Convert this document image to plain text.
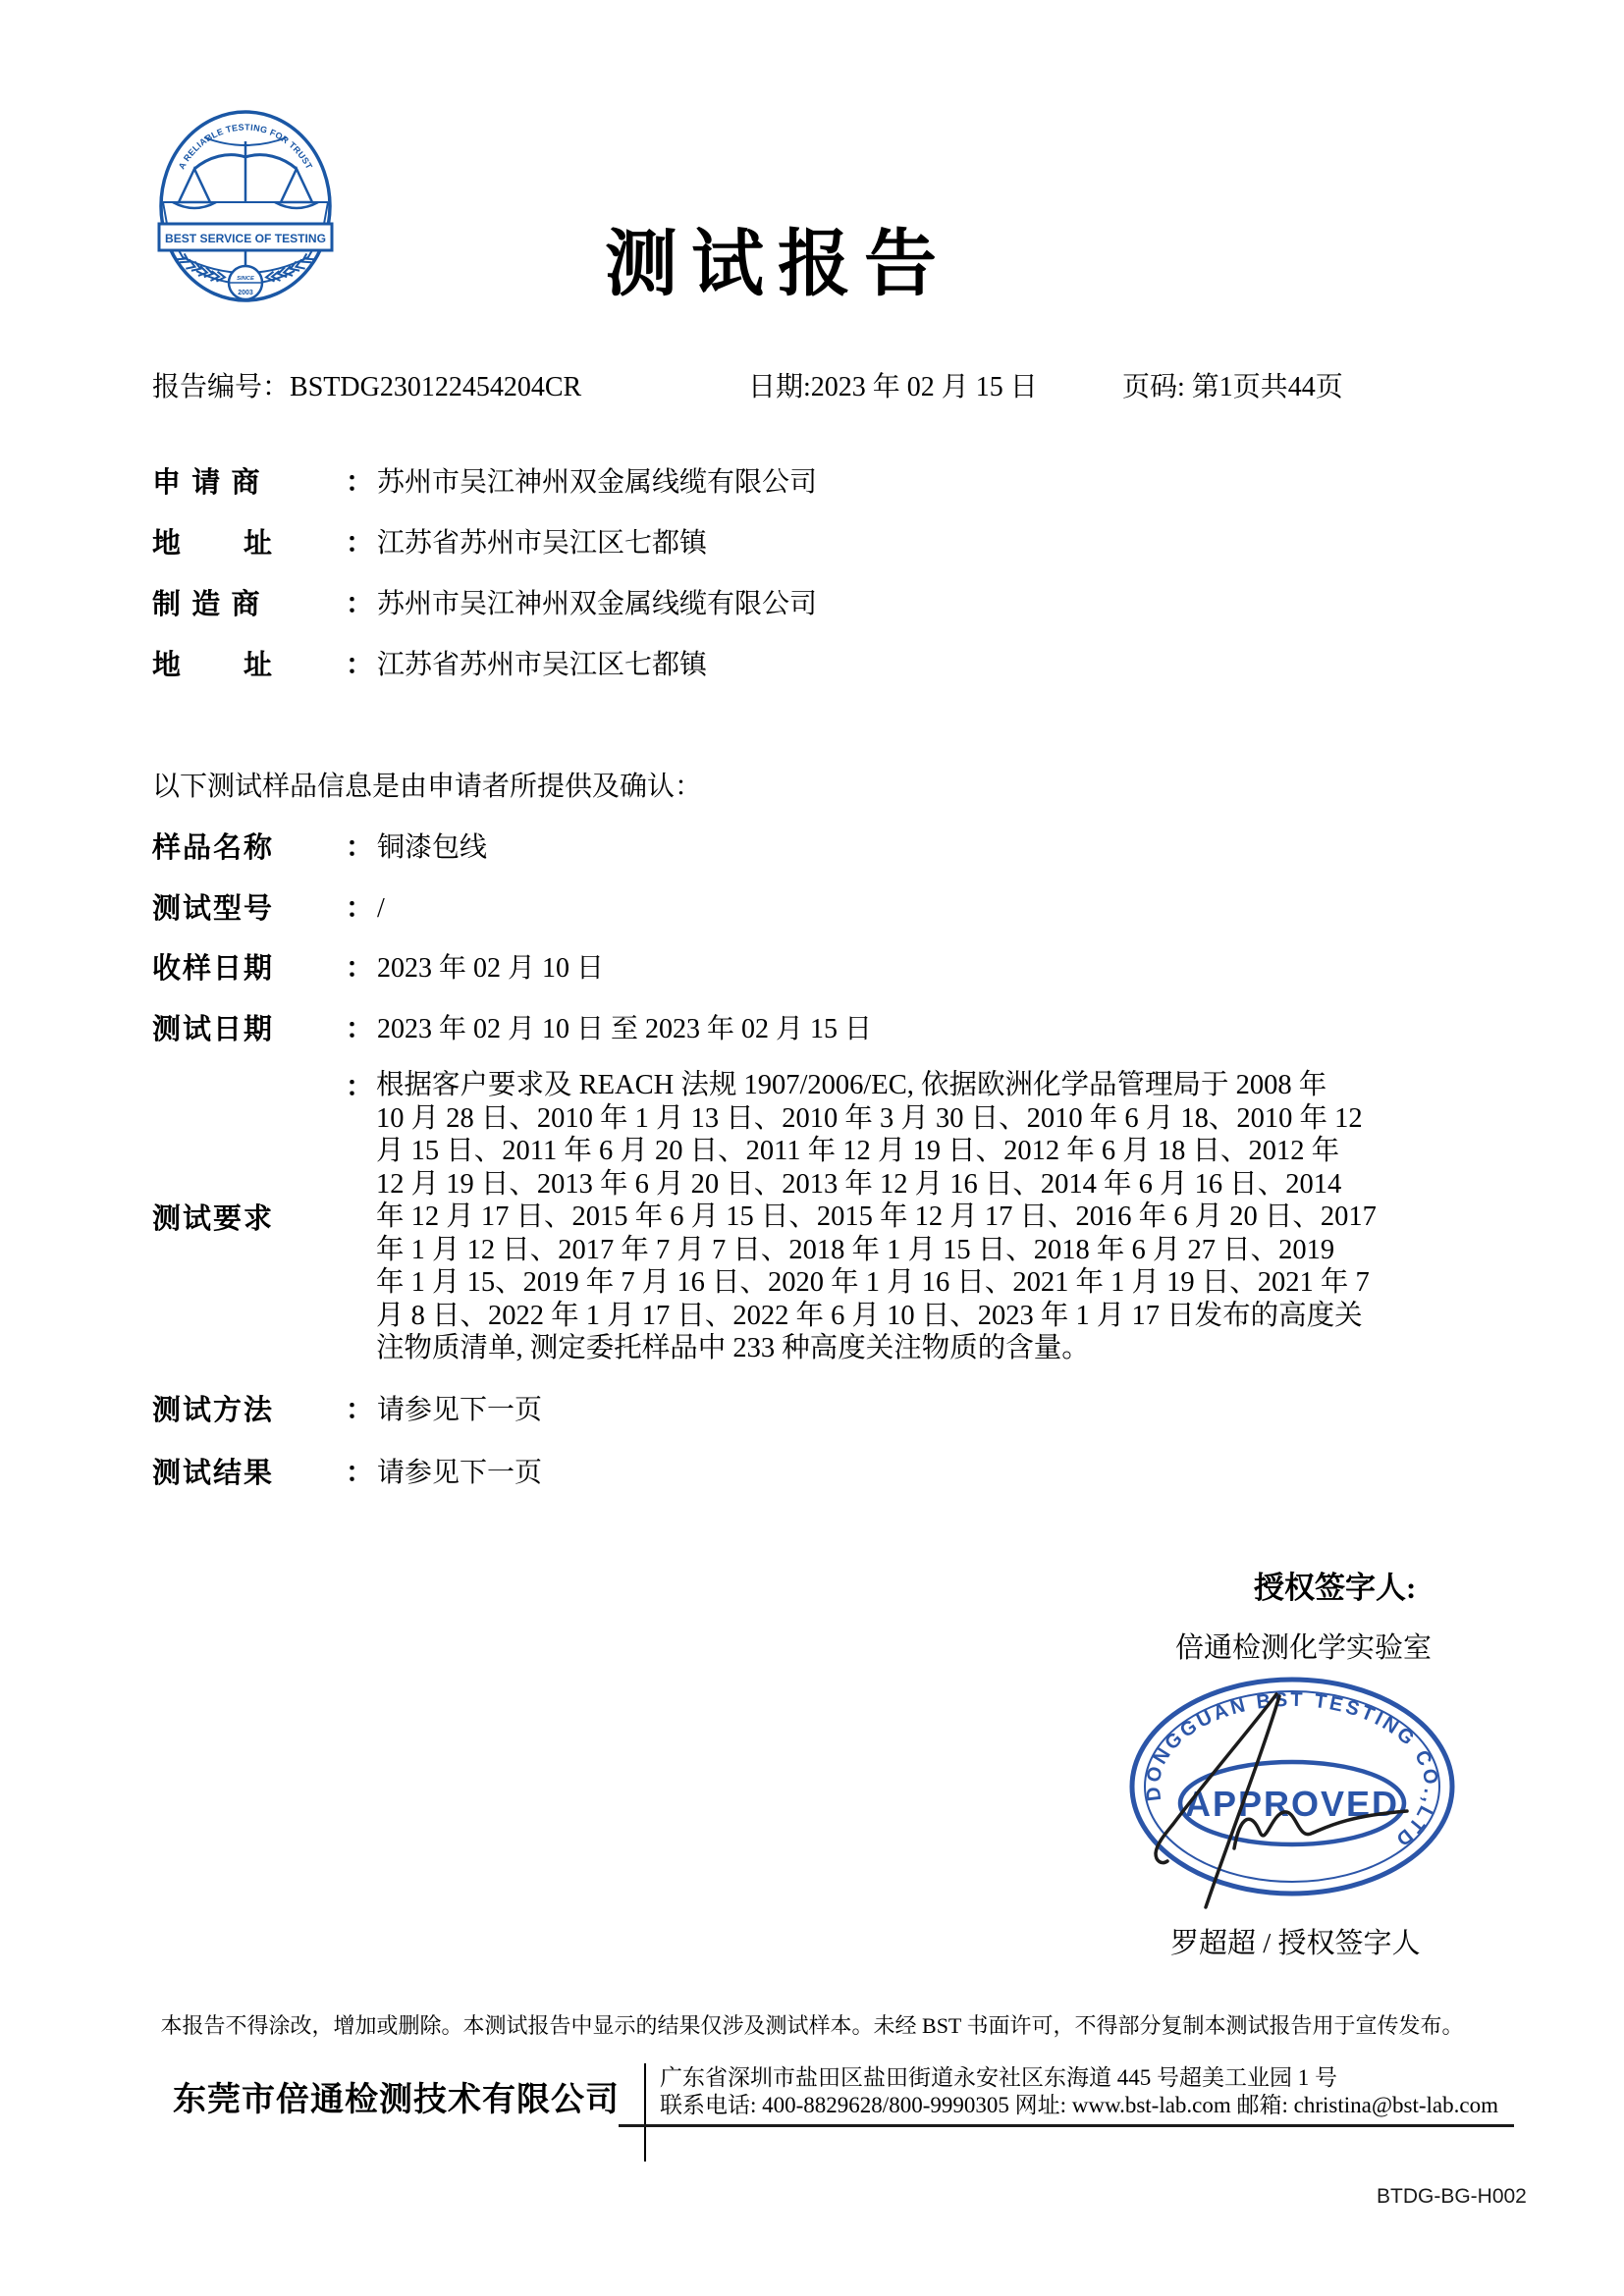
A RELIABLE TESTING FOR TRUST
BEST SERVICE OF TESTING
SINCE
2003	测试报告
报告编号：BSTDG230122454204CR	日期:2023 年 02 月 15 日	页码: 第1页共44页
申 请 商	： 苏州市吴江神州双金属线缆有限公司
地　　址	： 江苏省苏州市吴江区七都镇
制 造 商	： 苏州市吴江神州双金属线缆有限公司
地　　址	： 江苏省苏州市吴江区七都镇
以下测试样品信息是由申请者所提供及确认：
样品名称	： 铜漆包线
测试型号	： /
收样日期	： 2023 年 02 月 10 日
测试日期	： 2023 年 02 月 10 日 至 2023 年 02 月 15 日
测试要求
： 根据客户要求及 REACH 法规 1907/2006/EC, 依据欧洲化学品管理局于 2008 年
10 月 28 日、2010 年 1 月 13 日、2010 年 3 月 30 日、2010 年 6 月 18、2010 年 12
月 15 日、2011 年 6 月 20 日、2011 年 12 月 19 日、2012 年 6 月 18 日、2012 年
12 月 19 日、2013 年 6 月 20 日、2013 年 12 月 16 日、2014 年 6 月 16 日、2014
年 12 月 17 日、2015 年 6 月 15 日、2015 年 12 月 17 日、2016 年 6 月 20 日、2017
年 1 月 12 日、2017 年 7 月 7 日、2018 年 1 月 15 日、2018 年 6 月 27 日、2019
年 1 月 15、2019 年 7 月 16 日、2020 年 1 月 16 日、2021 年 1 月 19 日、2021 年 7
月 8 日、2022 年 1 月 17 日、2022 年 6 月 10 日、2023 年 1 月 17 日发布的高度关
注物质清单, 测定委托样品中 233 种高度关注物质的含量。
测试方法	： 请参见下一页
测试结果	： 请参见下一页
授权签字人:
倍通检测化学实验室
DONGGUAN BST TESTING CO.,LTD
APPROVED
罗超超 / 授权签字人
本报告不得涂改，增加或删除。本测试报告中显示的结果仅涉及测试样本。未经 BST 书面许可，不得部分复制本测试报告用于宣传发布。
东莞市倍通检测技术有限公司
广东省深圳市盐田区盐田街道永安社区东海道 445 号超美工业园 1 号
联系电话: 400-8829628/800-9990305 网址: www.bst-lab.com 邮箱: christina@bst-lab.com
BTDG-BG-H002
